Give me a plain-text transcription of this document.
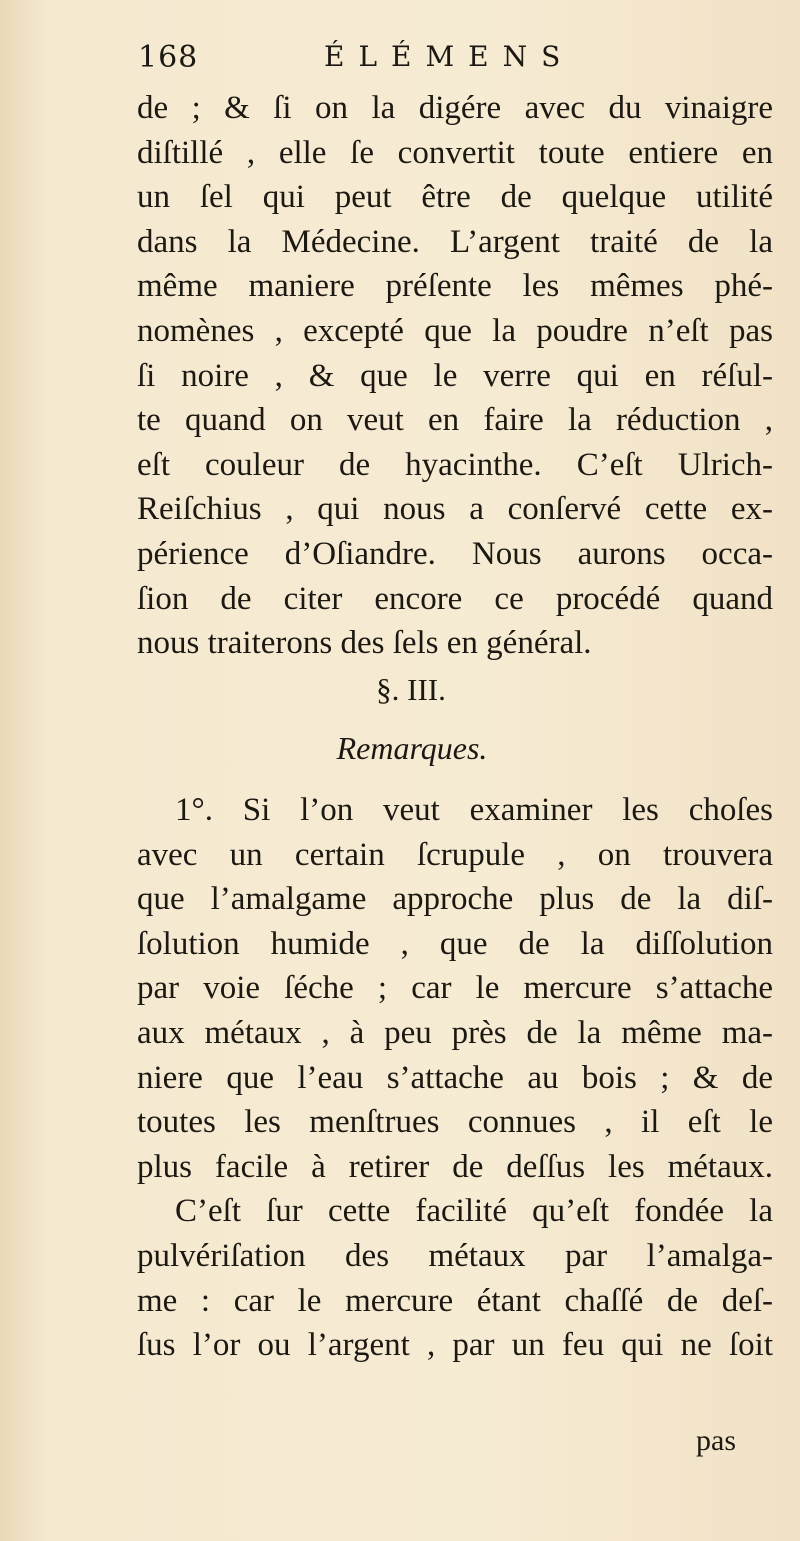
168	ÉLÉMENS
de ; & ſi on la digére avec du vinaigre
diſtillé , elle ſe convertit toute entiere en
un ſel qui peut être de quelque utilité
dans la Médecine. L’argent traité de la
même maniere préſente les mêmes phé-
nomènes , excepté que la poudre n’eſt pas
ſi noire , & que le verre qui en réſul-
te quand on veut en faire la réduction ,
eſt couleur de hyacinthe. C’eſt Ulrich-
Reiſchius , qui nous a conſervé cette ex-
périence d’Oſiandre. Nous aurons occa-
ſion de citer encore ce procédé quand
nous traiterons des ſels en général.
§. III.
Remarques.
1°. Si l’on veut examiner les choſes
avec un certain ſcrupule , on trouvera
que l’amalgame approche plus de la diſ-
ſolution humide , que de la diſſolution
par voie ſéche ; car le mercure s’attache
aux métaux , à peu près de la même ma-
niere que l’eau s’attache au bois ; & de
toutes les menſtrues connues , il eſt le
plus facile à retirer de deſſus les métaux.
C’eſt ſur cette facilité qu’eſt fondée la
pulvériſation des métaux par l’amalga-
me : car le mercure étant chaſſé de deſ-
ſus l’or ou l’argent , par un feu qui ne ſoit
pas
